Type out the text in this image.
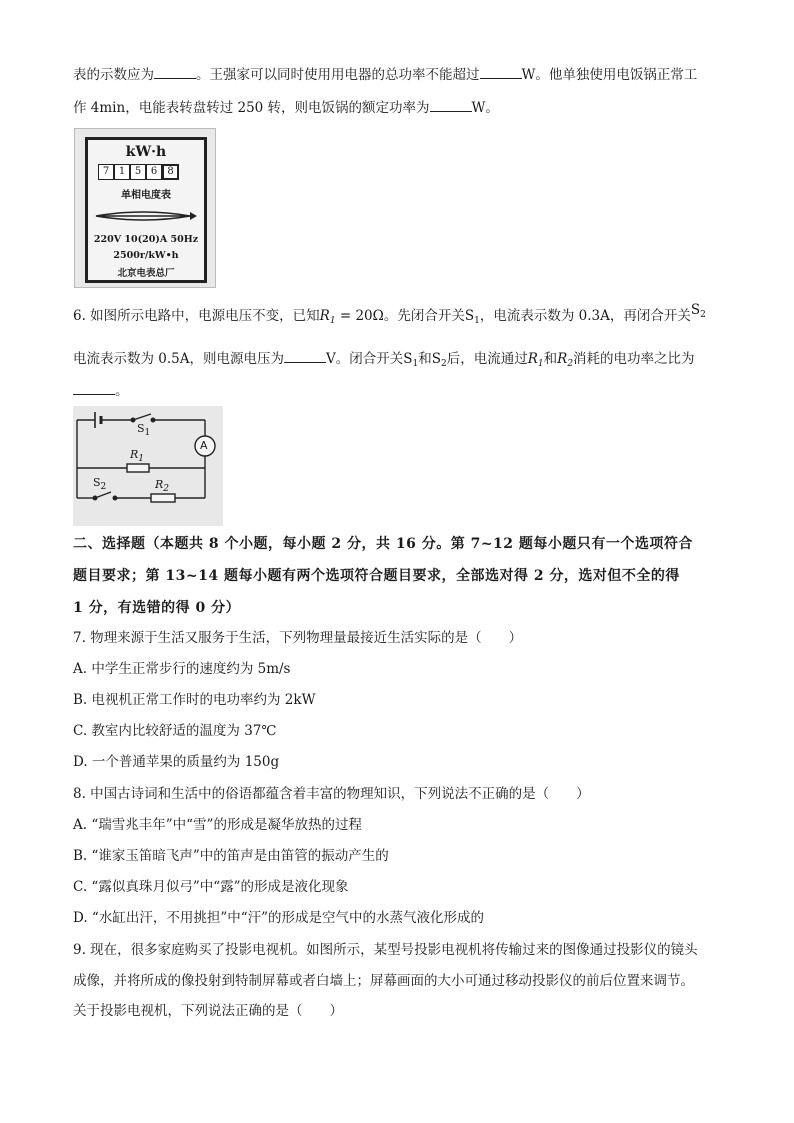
表的示数应为	。王强家可以同时使用用电器的总功率不能超过	W。他单独使用电饭锅正常工
作 4min，电能表转盘转过 250 转，则电饭锅的额定功率为	W。
kW·h
7 1 5 6	8
单相电度表
220V 10(20)A 50Hz
2500r/kW•h
北京电表总厂
6. 如图所示电路中，电源电压不变，已知$R_1 = 20\Omega$。先闭合开关$S_1$，电流表示数为 0.3A，再闭合开关$S_2$
电流表示数为 0.5A，则电源电压为	V。闭合开关$S_1$和$S_2$后，电流通过$R_1$和$R_2$消耗的电功率之比为
。
A
$S_1$
$R_1$
$S_2$	$R_2$
二、选择题（本题共 8 个小题，每小题 2 分，共 16 分。第 7~12 题每小题只有一个选项符合
题目要求；第 13~14 题每小题有两个选项符合题目要求，全部选对得 2 分，选对但不全的得
1 分，有选错的得 0 分）
7. 物理来源于生活又服务于生活，下列物理量最接近生活实际的是（　　）
A. 中学生正常步行的速度约为 5m/s
B. 电视机正常工作时的电功率约为 2kW
C. 教室内比较舒适的温度为 37℃
D. 一个普通苹果的质量约为 150g
8. 中国古诗词和生活中的俗语都蕴含着丰富的物理知识，下列说法不正确的是（　　）
A. “瑞雪兆丰年”中“雪”的形成是凝华放热的过程
B. “谁家玉笛暗飞声”中的笛声是由笛管的振动产生的
C. “露似真珠月似弓”中“露”的形成是液化现象
D. “水缸出汗，不用挑担”中“汗”的形成是空气中的水蒸气液化形成的
9. 现在，很多家庭购买了投影电视机。如图所示，某型号投影电视机将传输过来的图像通过投影仪的镜头
成像，并将所成的像投射到特制屏幕或者白墙上；屏幕画面的大小可通过移动投影仪的前后位置来调节。
关于投影电视机，下列说法正确的是（　　）
